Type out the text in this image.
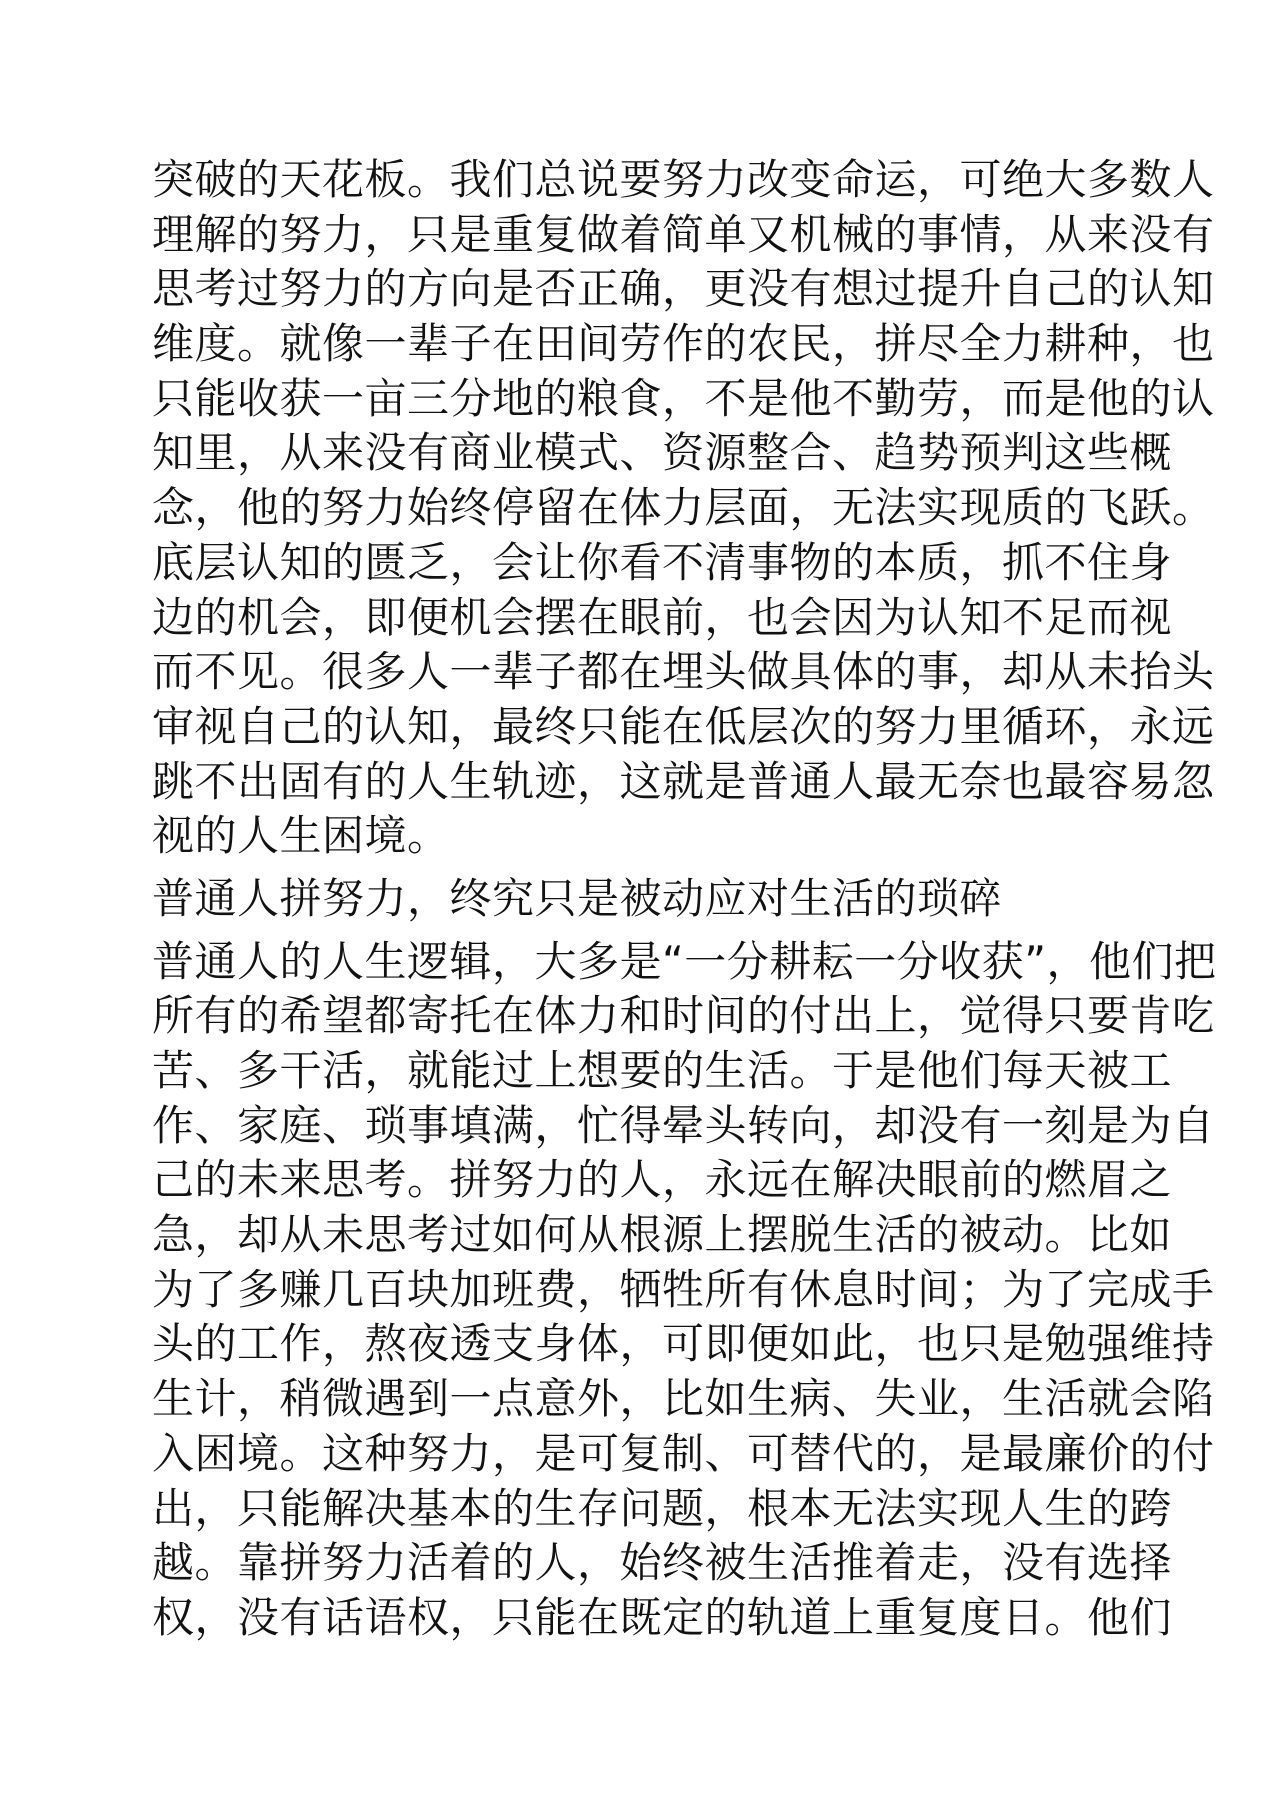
突破的天花板。我们总说要努力改变命运，可绝大多数人
理解的努力，只是重复做着简单又机械的事情，从来没有
思考过努力的方向是否正确，更没有想过提升自己的认知
维度。就像一辈子在田间劳作的农民，拼尽全力耕种，也
只能收获一亩三分地的粮食，不是他不勤劳，而是他的认
知里，从来没有商业模式、资源整合、趋势预判这些概
念，他的努力始终停留在体力层面，无法实现质的飞跃。
底层认知的匮乏，会让你看不清事物的本质，抓不住身
边的机会，即便机会摆在眼前，也会因为认知不足而视
而不见。很多人一辈子都在埋头做具体的事，却从未抬头
审视自己的认知，最终只能在低层次的努力里循环，永远
跳不出固有的人生轨迹，这就是普通人最无奈也最容易忽
视的人生困境。
普通人拼努力，终究只是被动应对生活的琐碎
普通人的人生逻辑，大多是“一分耕耘一分收获”，他们把
所有的希望都寄托在体力和时间的付出上，觉得只要肯吃
苦、多干活，就能过上想要的生活。于是他们每天被工
作、家庭、琐事填满，忙得晕头转向，却没有一刻是为自
己的未来思考。拼努力的人，永远在解决眼前的燃眉之
急，却从未思考过如何从根源上摆脱生活的被动。比如
为了多赚几百块加班费，牺牲所有休息时间；为了完成手
头的工作，熬夜透支身体，可即便如此，也只是勉强维持
生计，稍微遇到一点意外，比如生病、失业，生活就会陷
入困境。这种努力，是可复制、可替代的，是最廉价的付
出，只能解决基本的生存问题，根本无法实现人生的跨
越。靠拼努力活着的人，始终被生活推着走，没有选择
权，没有话语权，只能在既定的轨道上重复度日。他们
